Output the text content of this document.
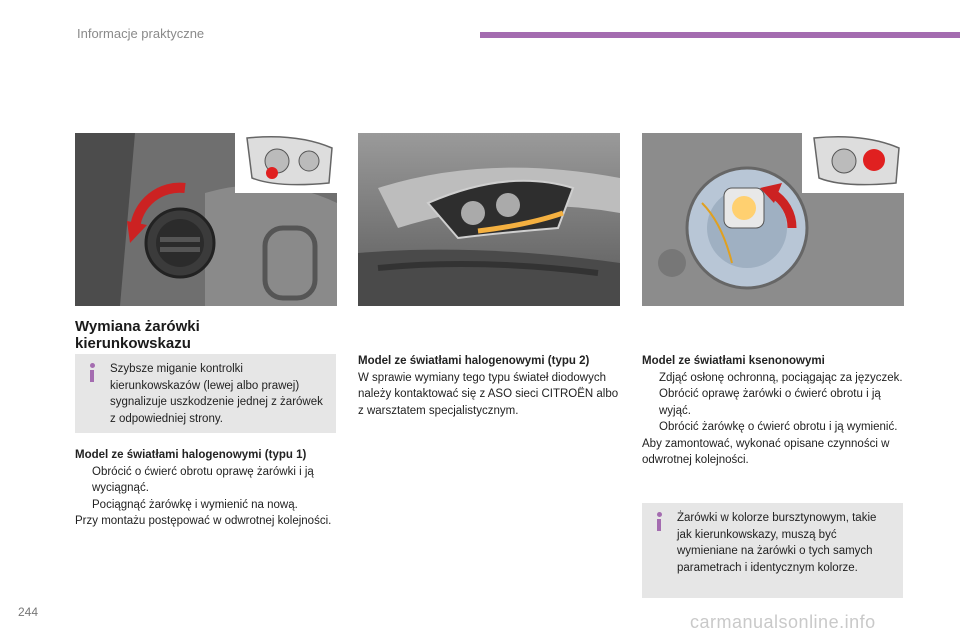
Informacje praktyczne
Wymiana żarówki
kierunkowskazu
Szybsze miganie kontrolki kierunkowskazów (lewej albo prawej) sygnalizuje uszkodzenie jednej z żarówek z odpowiedniej strony.
Model ze światłami halogenowymi (typu 1)
Obrócić o ćwierć obrotu oprawę żarówki i ją wyciągnąć.
Pociągnąć żarówkę i wymienić na nową.
Przy montażu postępować w odwrotnej kolejności.
Model ze światłami halogenowymi (typu 2)
W sprawie wymiany tego typu świateł diodowych należy kontaktować się z ASO sieci CITROËN albo z warsztatem specjalistycznym.
Model ze światłami ksenonowymi
Zdjąć osłonę ochronną, pociągając za języczek.
Obrócić oprawę żarówki o ćwierć obrotu i ją wyjąć.
Obrócić żarówkę o ćwierć obrotu i ją wymienić.
Aby zamontować, wykonać opisane czynności w odwrotnej kolejności.
Żarówki w kolorze bursztynowym, takie jak kierunkowskazy, muszą być wymieniane na żarówki o tych samych parametrach i identycznym kolorze.
244	carmanualsonline.info
